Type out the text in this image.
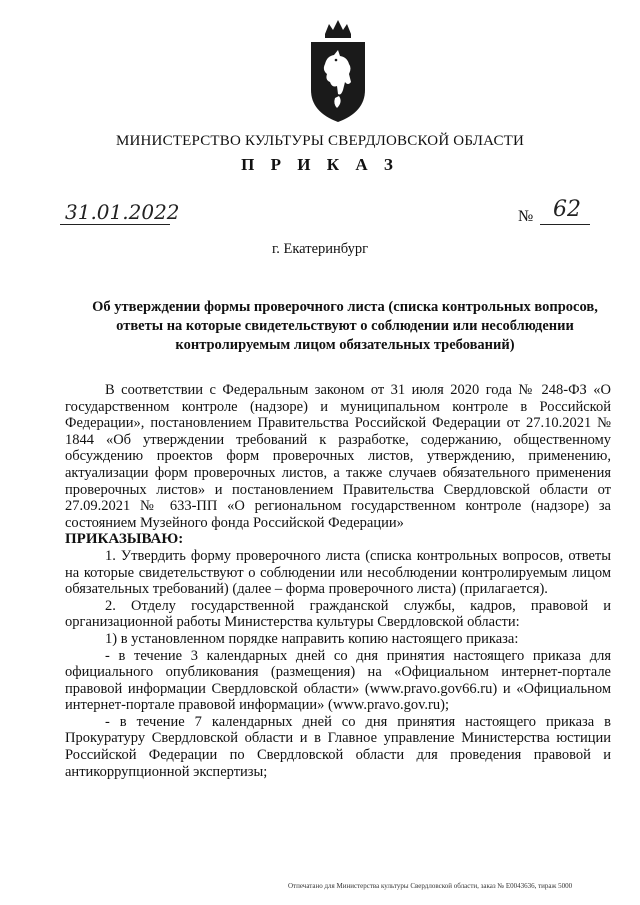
МИНИСТЕРСТВО КУЛЬТУРЫ СВЕРДЛОВСКОЙ ОБЛАСТИ
П Р И К А З
31.01.2022	№ 62
г. Екатеринбург
Об утверждении формы проверочного листа (списка контрольных вопросов, ответы на которые свидетельствуют о соблюдении или несоблюдении контролируемым лицом обязательных требований)

В соответствии с Федеральным законом от 31 июля 2020 года № 248-ФЗ «О государственном контроле (надзоре) и муниципальном контроле в Российской Федерации», постановлением Правительства Российской Федерации от 27.10.2021 № 1844 «Об утверждении требований к разработке, содержанию, общественному обсуждению проектов форм проверочных листов, утверждению, применению, актуализации форм проверочных листов, а также случаев обязательного применения проверочных листов» и постановлением Правительства Свердловской области от 27.09.2021 № 633-ПП «О региональном государственном контроле (надзоре) за состоянием Музейного фонда Российской Федерации»

ПРИКАЗЫВАЮ:

1. Утвердить форму проверочного листа (списка контрольных вопросов, ответы на которые свидетельствуют о соблюдении или несоблюдении контролируемым лицом обязательных требований) (далее – форма проверочного листа) (прилагается).

2. Отделу государственной гражданской службы, кадров, правовой и организационной работы Министерства культуры Свердловской области:

1) в установленном порядке направить копию настоящего приказа:

- в течение 3 календарных дней со дня принятия настоящего приказа для официального опубликования (размещения) на «Официальном интернет-портале правовой информации Свердловской области» (www.pravo.gov66.ru) и «Официальном интернет-портале правовой информации» (www.pravo.gov.ru);

- в течение 7 календарных дней со дня принятия настоящего приказа в Прокуратуру Свердловской области и в Главное управление Министерства юстиции Российской Федерации по Свердловской области для проведения правовой и антикоррупционной экспертизы;

Отпечатано для Министерства культуры Свердловской области, заказ № Е0043636, тираж 5000
